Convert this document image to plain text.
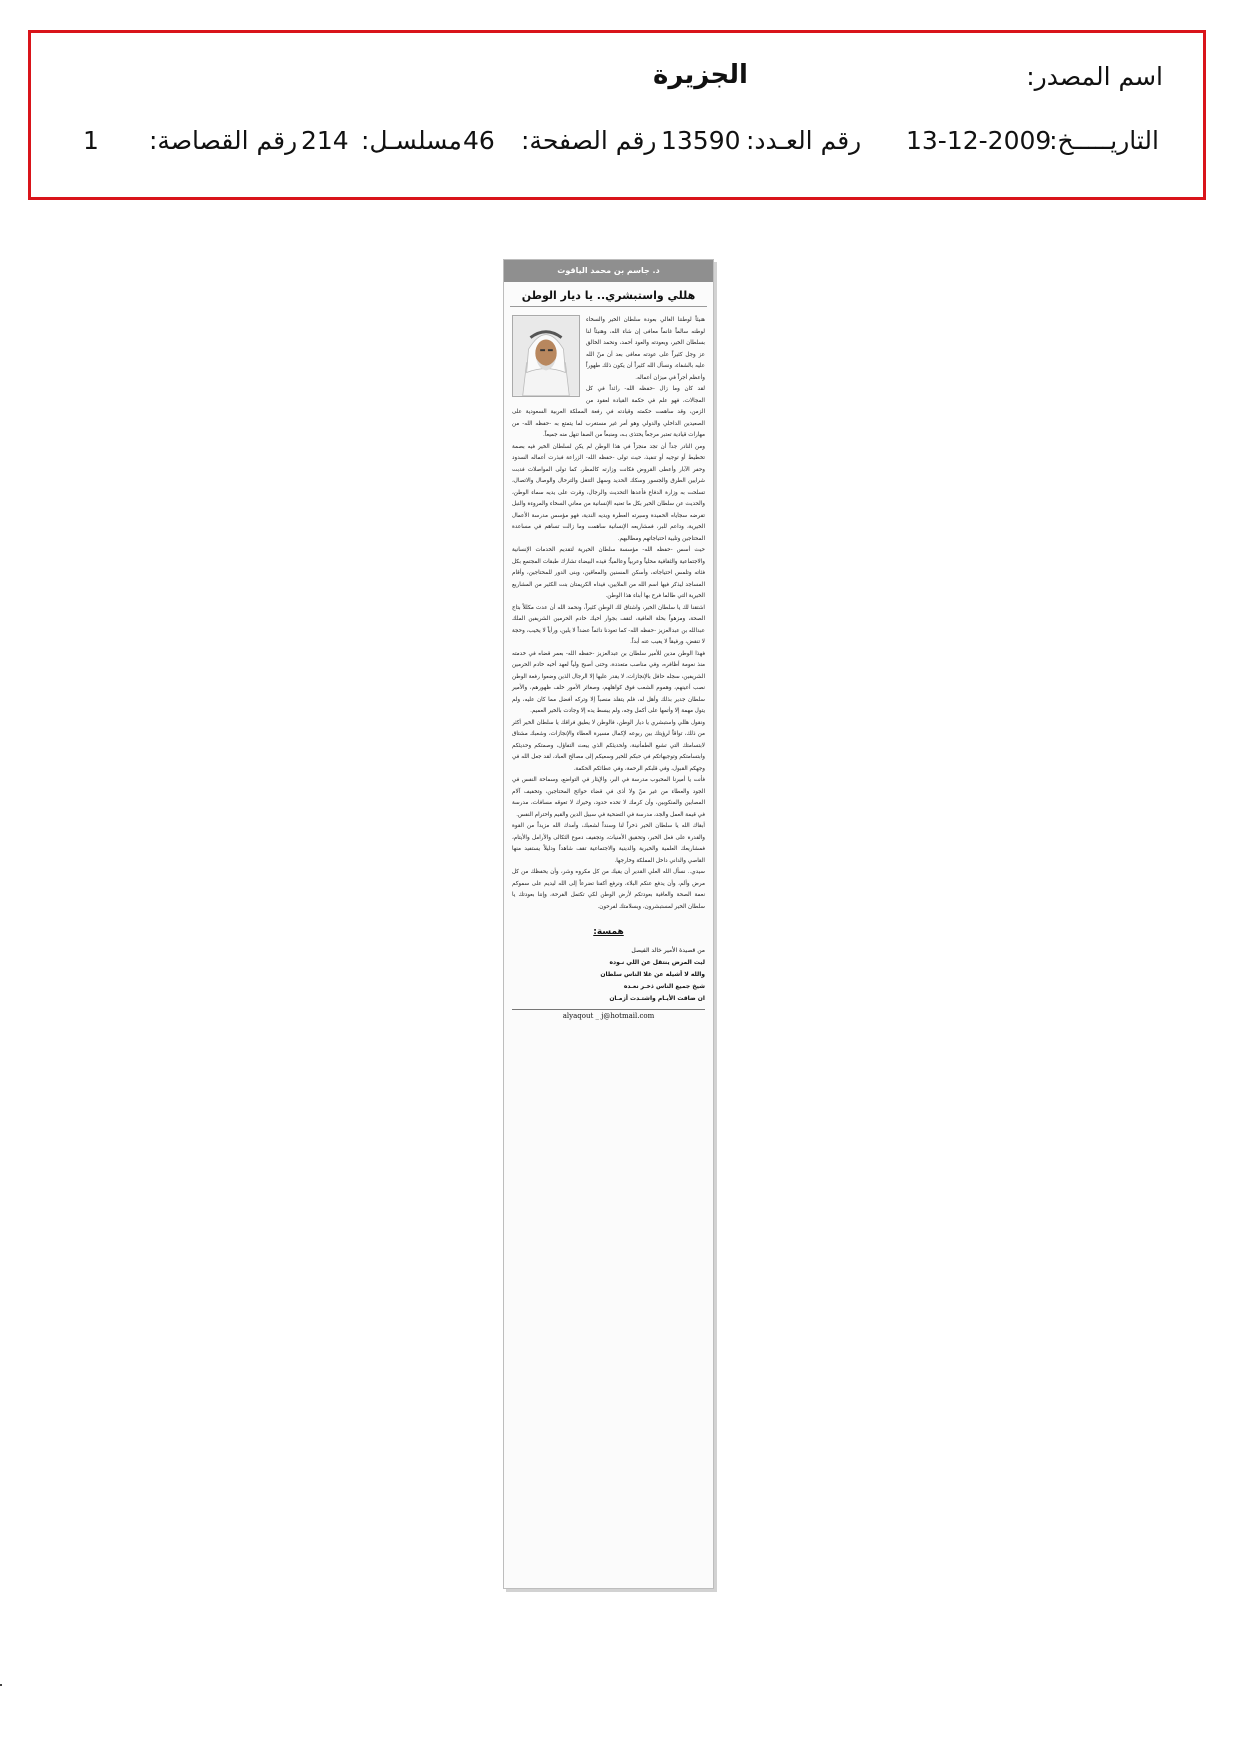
اسم المصدر:
الجزيرة
التاريـــــخ:
13-12-2009
رقم العـدد:
13590
رقم الصفحة:
46
مسلسـل:
214
رقم القصاصة:
1
د. جاسم بن محمد الياقوت
هللي واستبشري.. يا ديار الوطن

هنيئاً لوطننا الغالي بعودة سلطان الخير والسخاء لوطنه سالماً غانماً معافى إن شاء الله، وهنيئاً لنا بسلطان الخير، وبعودته والعود أحمد، ونحمد الخالق عز وجل كثيراً على عودته معافى بعد أن منّ الله عليه بالشفاء، ونسأل الله كثيراً أن يكون ذلك طهوراً وأعظم أجراً في ميزان أعماله.

لقد كان وما زال -حفظه الله- رائداً في كل المجالات، فهو علم في حكمة القيادة لعقود من الزمن، وقد ساهمت حكمته وقيادته في رفعة المملكة العربية السعودية على الصعيدين الداخلي والدولي وهو أمر غير مستغرب لما يتمتع به -حفظه الله- من مهارات قيادية تعتبر مرجعاً يحتذى بـه، ومنبعاً من الصفا تنهل منه جميعاً.

ومن النادر جداً أن تجد منجزاً في هذا الوطن لم يكن لسلطان الخير فيه بصمة تخطيط أو توجيه أو تنفيذ، حيث تولى -حفظه الله- الزراعة فبذرت أعماله السدود وحفر الآبار وأعطى القروض فكانت وزارته كالمطر، كما تولى المواصلات فدبت شرايين الطرق والجسور وسكك الحديد وسهل التنقل والترحال والوصال والاتصال، تسلحت به وزارة الدفاع فأعدها التحديث والرجال، وقرت على يديه سماء الوطن، والحديث عن سلطان الخير بكل ما تعنيه الإنسانية من معاني السخاء والمروءة والنبل تفرضه سجاياه الحميدة وسيرته العطرة ويديه الندية، فهو مؤسس مدرسة الأعمال الخيرية، وداعم للبر، فمشاريعه الإنسانية ساهمت وما زالت تساهم في مساعدة المحتاجين وتلبية احتياجاتهم ومطالبهم.

حيث أسس -حفظه الله- مؤسسة سلطان الخيرية لتقديم الخدمات الإنسانية والاجتماعية والثقافية محلياً وعربياً وعالمياً؛ فيده البيضاء تشارك طبقات المجتمع بكل فئاته وتلمس احتياجاته، وأسكن المسنين والمعاقين، وبنى الدور للمحتاجين، وأقام المساجد ليذكر فيها اسم الله من الملايين، فيداه الكريمتان بنت الكثير من المشاريع الخيرية التي طالما فرح بها أبناء هذا الوطن.

اشتقنا لك يا سلطان الخير، واشتاق لك الوطن كثيراً، ونحمد الله أن عدت مكللاً بتاج الصحة، ومزهواً بحلة العافية، لتقف بجوار أخيك خادم الحرمين الشريفين الملك عبدالله بن عبدالعزيز -حفظه الله- كما تعودنا دائماً عضداً لا يلين، ورأياً لا يخيب، وحجة لا تنقض، ورفيقاً لا يغيب عنه أبداً.

فهذا الوطن مدين للأمير سلطان بن عبدالعزيز -حفظه الله- بعمر قضاه في خدمته منذ نعومة أظافره، وفي مناصب متعددة، وحتى أصبح ولياً لعهد أخيه خادم الحرمين الشريفين، سجله حافل بالإنجازات، لا يقدر عليها إلا الرجال الذين وضعوا رفعة الوطن نصب أعينهم، وهموم الشعب فوق كواهلهم، وصغائر الأمور خلف ظهورهم، والأمير سلطان جدير بذلك وأهل له، فلم يتقلد منصباً إلا وتركه أفضل مما كان عليه، ولم يتول مهمة إلا وأتمها على أكمل وجه، ولم يبسط يده إلا وجادت بالخير العميم.

ونقول هللي واستبشري يا ديار الوطن، فالوطن لا يطيق فراقك يا سلطان الخير أكثر من ذلك، تواقاً لرؤيتك بين ربوعه لإكمال مسيرة العطاء والإنجازات، وشعبك مشتاق لابتسامتك التي تشيع الطمأنينة، ولحديثكم الذي يبعث التفاؤل، وصمتكم وحديثكم وابتسامتكم وتوجيهاتكم في حبكم للخير وسعيكم إلى مصالح العباد، لقد جعل الله في وجهكم القبول، وفي قلبكم الرحمة، وفي عطائكم الحكمة.

فأنت يا أميرنا المحبوب مدرسة في البر، والإيثار في التواضع، وسماحة النفس في الجود والعطاء من غير منّ ولا أذى في قضاء حوائج المحتاجين، وتخفيف آلام المصابين والمنكوبين، وأن كرمك لا تحده حدود، وخيرك لا تعوقه مسافات، مدرسة في قيمة العمل والجد، مدرسة في التضحية في سبيل الدين والقيم واحترام النفس.

أبقاك الله يا سلطان الخير ذخراً لنا وسنداً لشعبك، وأمدك الله مزيداً من القوة والقدرة على فعل الخير، وتحقيق الأمنيات، وتجفيف دموع الثكالى والأرامل والأيتام، فمشاريعك العلمية والخيرية والدينية والاجتماعية تقف شاهداً ودليلاً يستفيد منها القاصي والداني داخل المملكة وخارجها.

سيدي.. نسأل الله العلي القدير أن يقيك من كل مكروه وشر، وأن يحفظك من كل مرض وألم، وأن يدفع عنكم البلاء، ونرفع أكفنا تضرعاً إلى الله ليديم على سموكم نعمة الصحة والعافية بعودتكم لأرض الوطن لكي تكتمل الفرحة، وإننا بعودتك يا سلطان الخير لمستبشرون، وبسلامتك لفرحون.

همسة:
من قصيدة الأمير خالد الفيصل
ليت المرض ينتقل عن اللي نـوده
والله لا أشيله عن غلا الناس سلطان
شيخ جميع الناس ذخـر نعـده
ان ضاقت الأيـام واشتـدت أزمـان
alyaqout _ j@hotmail.com
